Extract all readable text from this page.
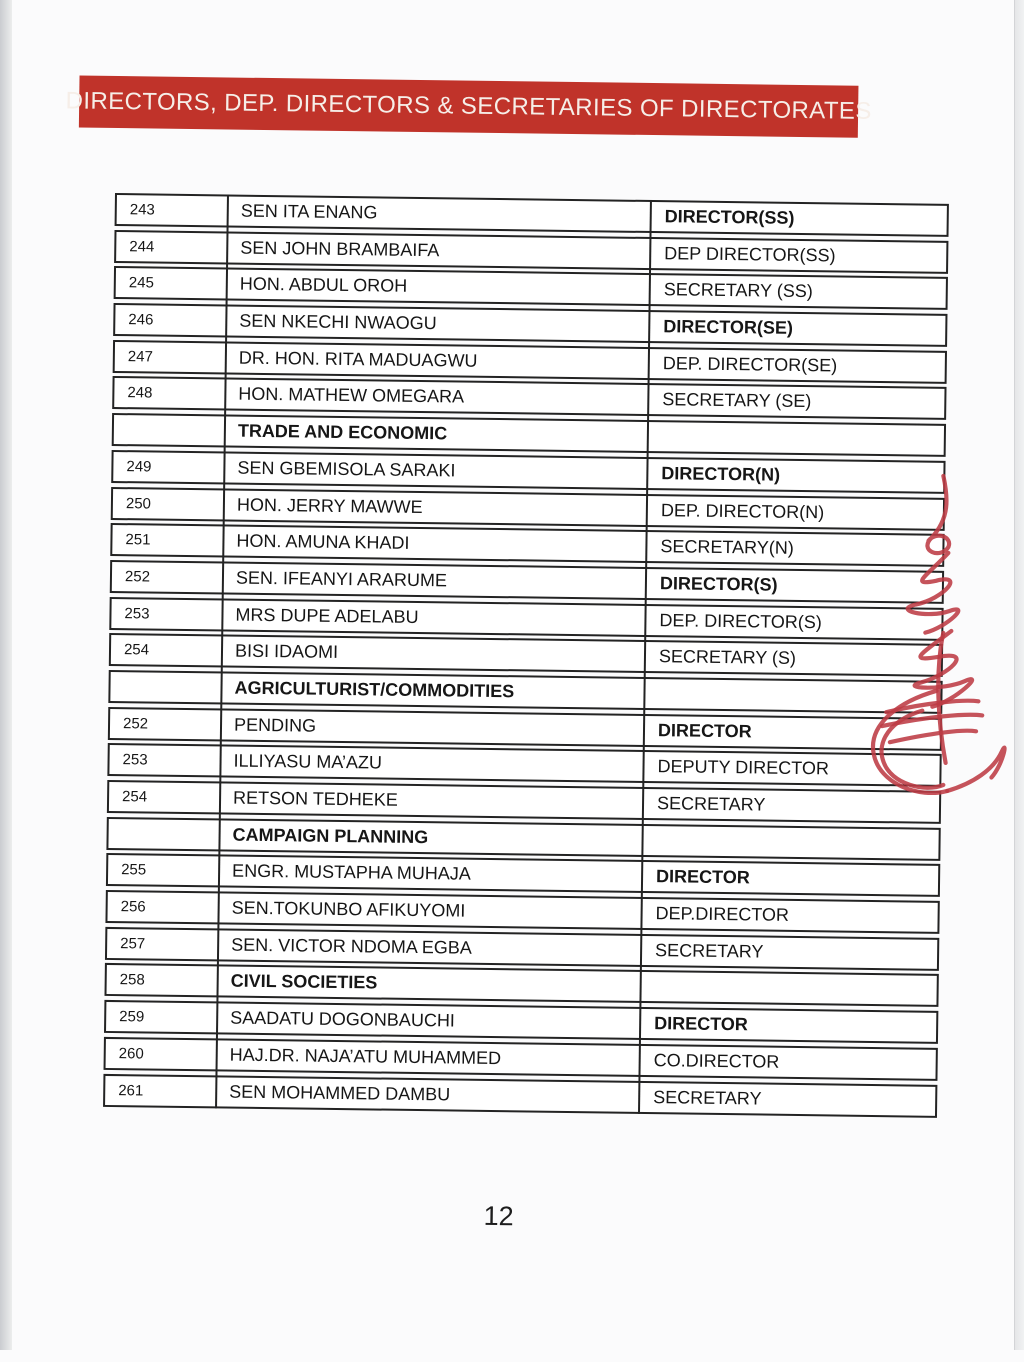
DIRECTORS, DEP. DIRECTORS & SECRETARIES OF DIRECTORATES
243	SEN ITA ENANG	DIRECTOR(SS)
244	SEN JOHN BRAMBAIFA	DEP DIRECTOR(SS)
245	HON. ABDUL OROH	SECRETARY (SS)
246	SEN NKECHI NWAOGU	DIRECTOR(SE)
247	DR. HON. RITA MADUAGWU	DEP. DIRECTOR(SE)
248	HON. MATHEW OMEGARA	SECRETARY (SE)
TRADE AND ECONOMIC
249	SEN GBEMISOLA SARAKI	DIRECTOR(N)
250	HON. JERRY MAWWE	DEP. DIRECTOR(N)
251	HON. AMUNA KHADI	SECRETARY(N)
252	SEN. IFEANYI ARARUME	DIRECTOR(S)
253	MRS DUPE ADELABU	DEP. DIRECTOR(S)
254	BISI IDAOMI	SECRETARY (S)
AGRICULTURIST/COMMODITIES
252	PENDING	DIRECTOR
253	ILLIYASU MA’AZU	DEPUTY DIRECTOR
254	RETSON TEDHEKE	SECRETARY
CAMPAIGN PLANNING
255	ENGR. MUSTAPHA MUHAJA	DIRECTOR
256	SEN.TOKUNBO AFIKUYOMI	DEP.DIRECTOR
257	SEN. VICTOR NDOMA EGBA	SECRETARY
258	CIVIL SOCIETIES
259	SAADATU DOGONBAUCHI	DIRECTOR
260	HAJ.DR. NAJA’ATU MUHAMMED	CO.DIRECTOR
261	SEN MOHAMMED DAMBU	SECRETARY
12
